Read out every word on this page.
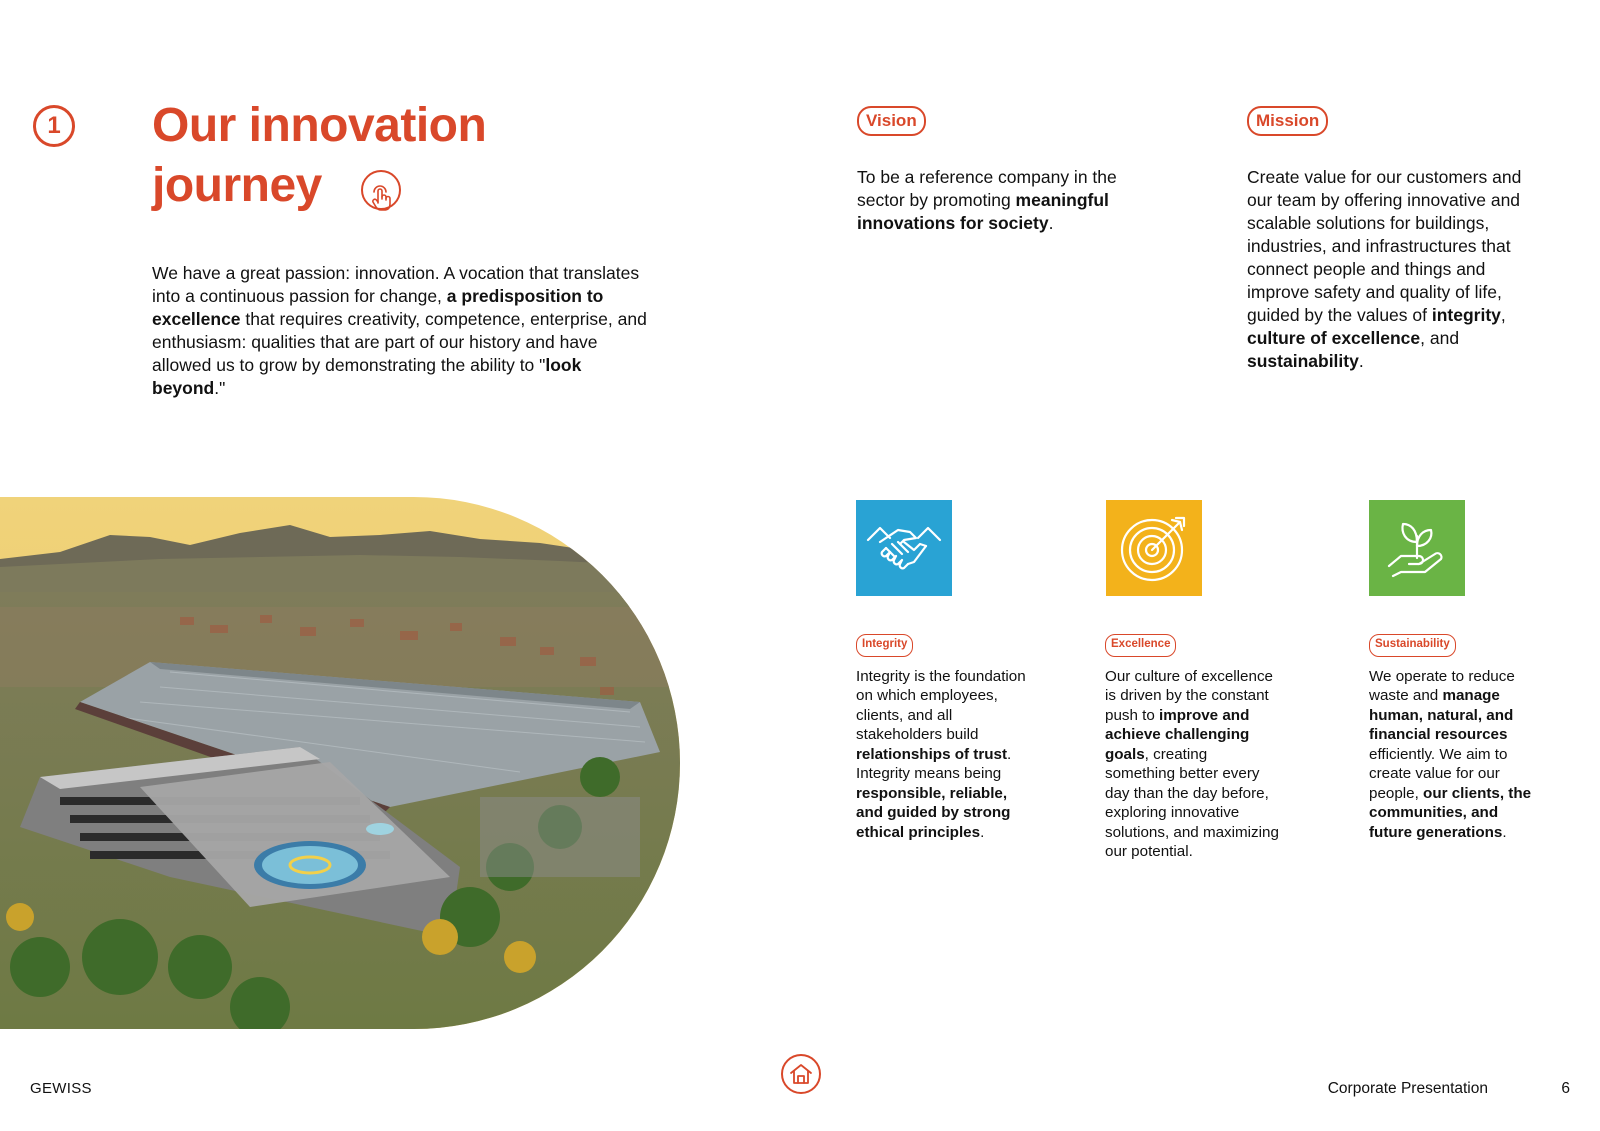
1 Our innovation
journey

We have a great passion: innovation. A vocation that translates into a continuous passion for change, a predisposition to excellence that requires creativity, competence, enterprise, and enthusiasm: qualities that are part of our history and have allowed us to grow by demonstrating the ability to "look beyond."

Vision
To be a reference company in the sector by promoting meaningful innovations for society.
Mission
Create value for our customers and our team by offering innovative and scalable solutions for buildings, industries, and infrastructures that connect people and things and improve safety and quality of life, guided by the values of integrity, culture of excellence, and sustainability.
Integrity
Integrity is the foundation on which employees, clients, and all stakeholders build relationships of trust. Integrity means being responsible, reliable, and guided by strong ethical principles.
Excellence
Our culture of excellence is driven by the constant push to improve and achieve challenging goals, creating something better every day than the day before, exploring innovative solutions, and maximizing our potential.
Sustainability
We operate to reduce waste and manage human, natural, and financial resources efficiently. We aim to create value for our people, our clients, the communities, and future generations.
GEWISS	Corporate Presentation	6
